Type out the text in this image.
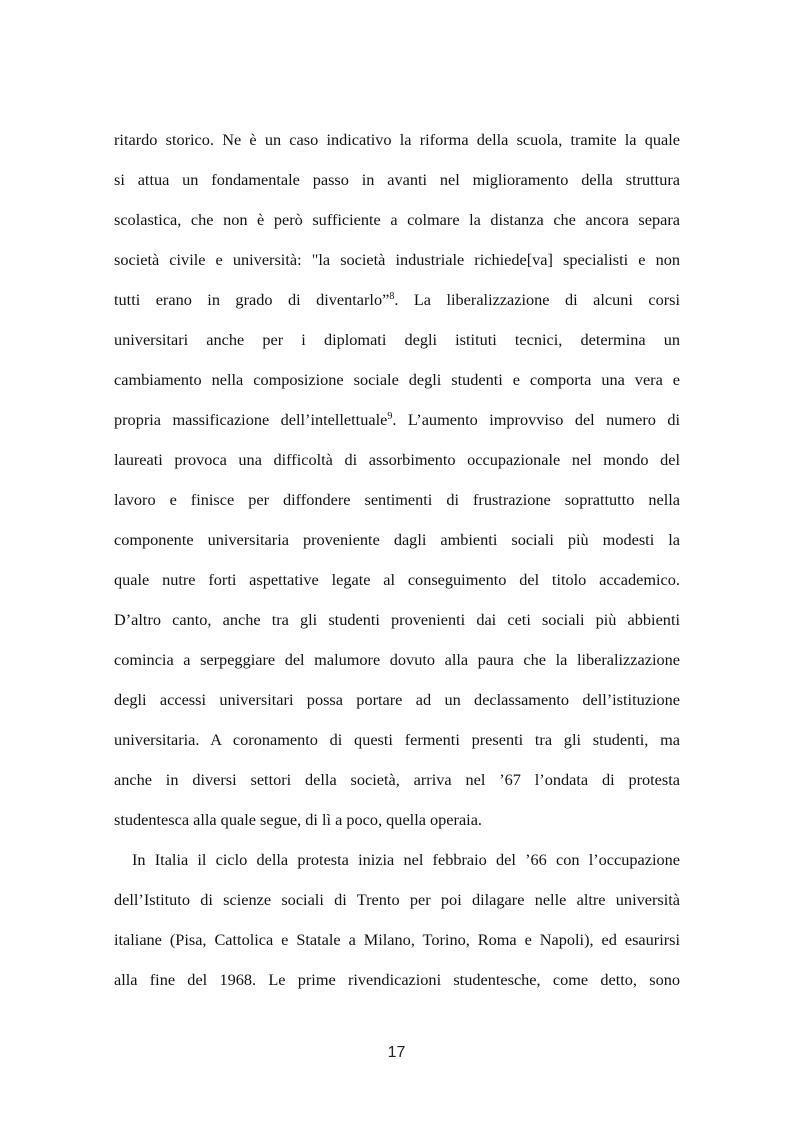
ritardo storico. Ne è un caso indicativo la riforma della scuola, tramite la quale
si attua un fondamentale passo in avanti nel miglioramento della struttura
scolastica, che non è però sufficiente a colmare la distanza che ancora separa
società civile e università: "la società industriale richiede[va] specialisti e non
tutti erano in grado di diventarlo”$^8$. La liberalizzazione di alcuni corsi
universitari anche per i diplomati degli istituti tecnici, determina un
cambiamento nella composizione sociale degli studenti e comporta una vera e
propria massificazione dell’intellettuale$^9$. L’aumento improvviso del numero di
laureati provoca una difficoltà di assorbimento occupazionale nel mondo del
lavoro e finisce per diffondere sentimenti di frustrazione soprattutto nella
componente universitaria proveniente dagli ambienti sociali più modesti la
quale nutre forti aspettative legate al conseguimento del titolo accademico.
D’altro canto, anche tra gli studenti provenienti dai ceti sociali più abbienti
comincia a serpeggiare del malumore dovuto alla paura che la liberalizzazione
degli accessi universitari possa portare ad un declassamento dell’istituzione
universitaria. A coronamento di questi fermenti presenti tra gli studenti, ma
anche in diversi settori della società, arriva nel ’67 l’ondata di protesta
studentesca alla quale segue, di lì a poco, quella operaia.
In Italia il ciclo della protesta inizia nel febbraio del ’66 con l’occupazione
dell’Istituto di scienze sociali di Trento per poi dilagare nelle altre università
italiane (Pisa, Cattolica e Statale a Milano, Torino, Roma e Napoli), ed esaurirsi
alla fine del 1968. Le prime rivendicazioni studentesche, come detto, sono
17
